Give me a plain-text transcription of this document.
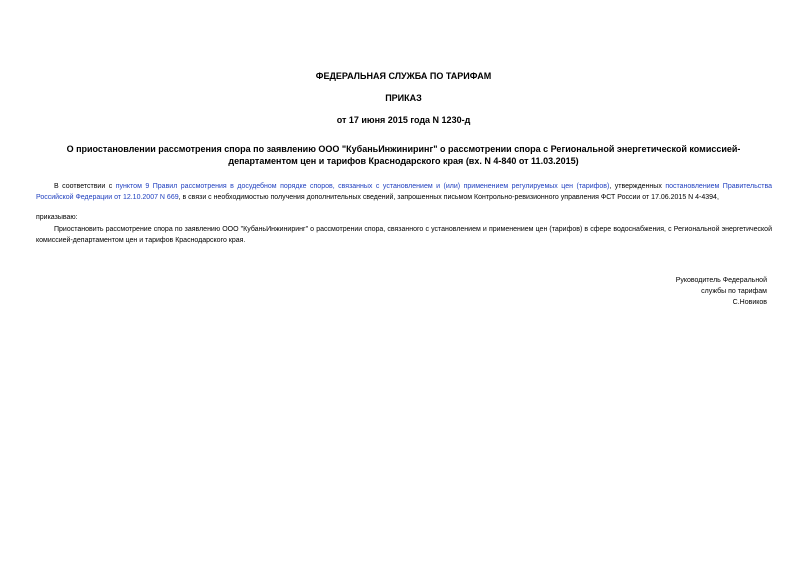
ФЕДЕРАЛЬНАЯ СЛУЖБА ПО ТАРИФАМ
ПРИКАЗ
от 17 июня 2015 года N 1230-д
О приостановлении рассмотрения спора по заявлению ООО "КубаньИнжиниринг" о рассмотрении спора с Региональной энергетической комиссией-департаментом цен и тарифов Краснодарского края (вх. N 4-840 от 11.03.2015)
В соответствии с пунктом 9 Правил рассмотрения в досудебном порядке споров, связанных с установлением и (или) применением регулируемых цен (тарифов), утвержденных постановлением Правительства Российской Федерации от 12.10.2007 N 669, в связи с необходимостью получения дополнительных сведений, запрошенных письмом Контрольно-ревизионного управления ФСТ России от 17.06.2015 N 4-4394,
приказываю:
Приостановить рассмотрение спора по заявлению ООО "КубаньИнжиниринг" о рассмотрении спора, связанного с установлением и применением цен (тарифов) в сфере водоснабжения, с Региональной энергетической комиссией-департаментом цен и тарифов Краснодарского края.
Руководитель Федеральной
службы по тарифам
С.Новиков
